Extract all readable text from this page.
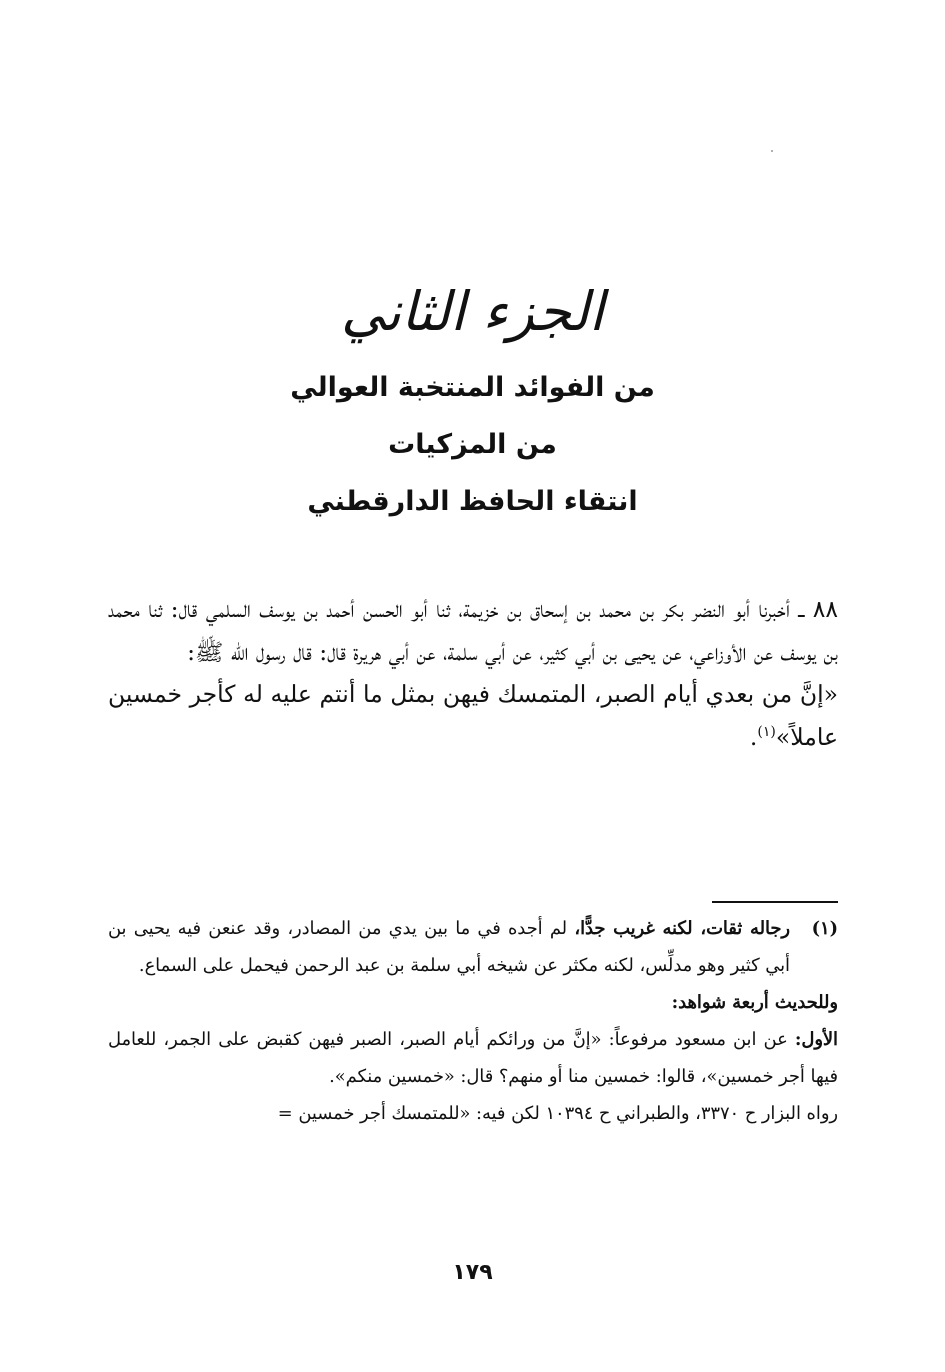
الجزء الثاني
من الفوائد المنتخبة العوالي
من المزكيات
انتقاء الحافظ الدارقطني

٨٨ ــ أخبرنا أبو النضر بكر بن محمد بن إسحاق بن خزيمة، ثنا أبو الحسن أحمد بن يوسف السلمي قال: ثنا محمد بن يوسف عن الأوزاعي، عن يحيى بن أبي كثير، عن أبي سلمة، عن أبي هريرة قال: قال رسول الله ﷺ:

«إنَّ من بعدي أيام الصبر، المتمسك فيهن بمثل ما أنتم عليه له كأجر خمسين عاملاً»$^{(١)}$.

(١)
رجاله ثقات، لكنه غريب جدًّا، لم أجده في ما بين يدي من المصادر، وقد عنعن فيه يحيى بن أبي كثير وهو مدلِّس، لكنه مكثر عن شيخه أبي سلمة بن عبد الرحمن فيحمل على السماع.

وللحديث أربعة شواهد:

الأول: عن ابن مسعود مرفوعاً: «إنَّ من ورائكم أيام الصبر، الصبر فيهن كقبض على الجمر، للعامل فيها أجر خمسين»، قالوا: خمسين منا أو منهم؟ قال: «خمسين منكم».

رواه البزار ح ٣٣٧٠، والطبراني ح ١٠٣٩٤ لكن فيه: «للمتمسك أجر خمسين =

١٧٩
